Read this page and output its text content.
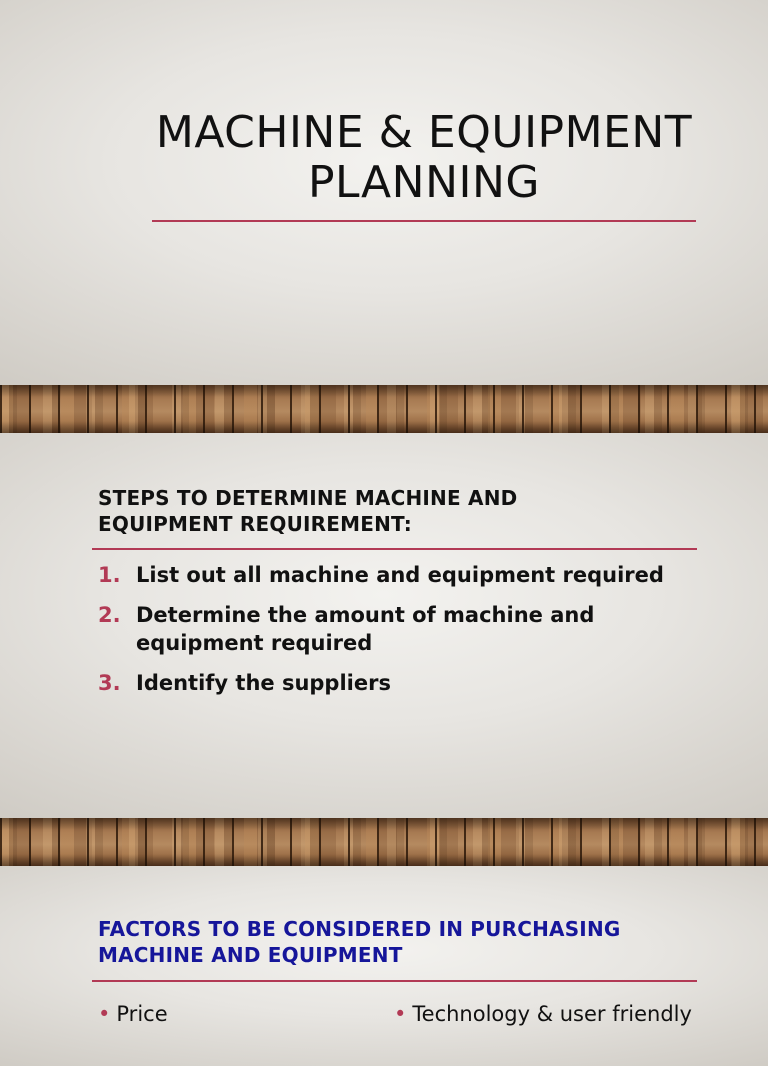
MACHINE & EQUIPMENT
PLANNING
STEPS TO DETERMINE MACHINE AND
EQUIPMENT REQUIREMENT:
1. List out all machine and equipment required
2. Determine the amount of machine and equipment required
3. Identify the suppliers
FACTORS TO BE CONSIDERED IN PURCHASING
MACHINE AND EQUIPMENT
• Price	• Technology & user friendly
